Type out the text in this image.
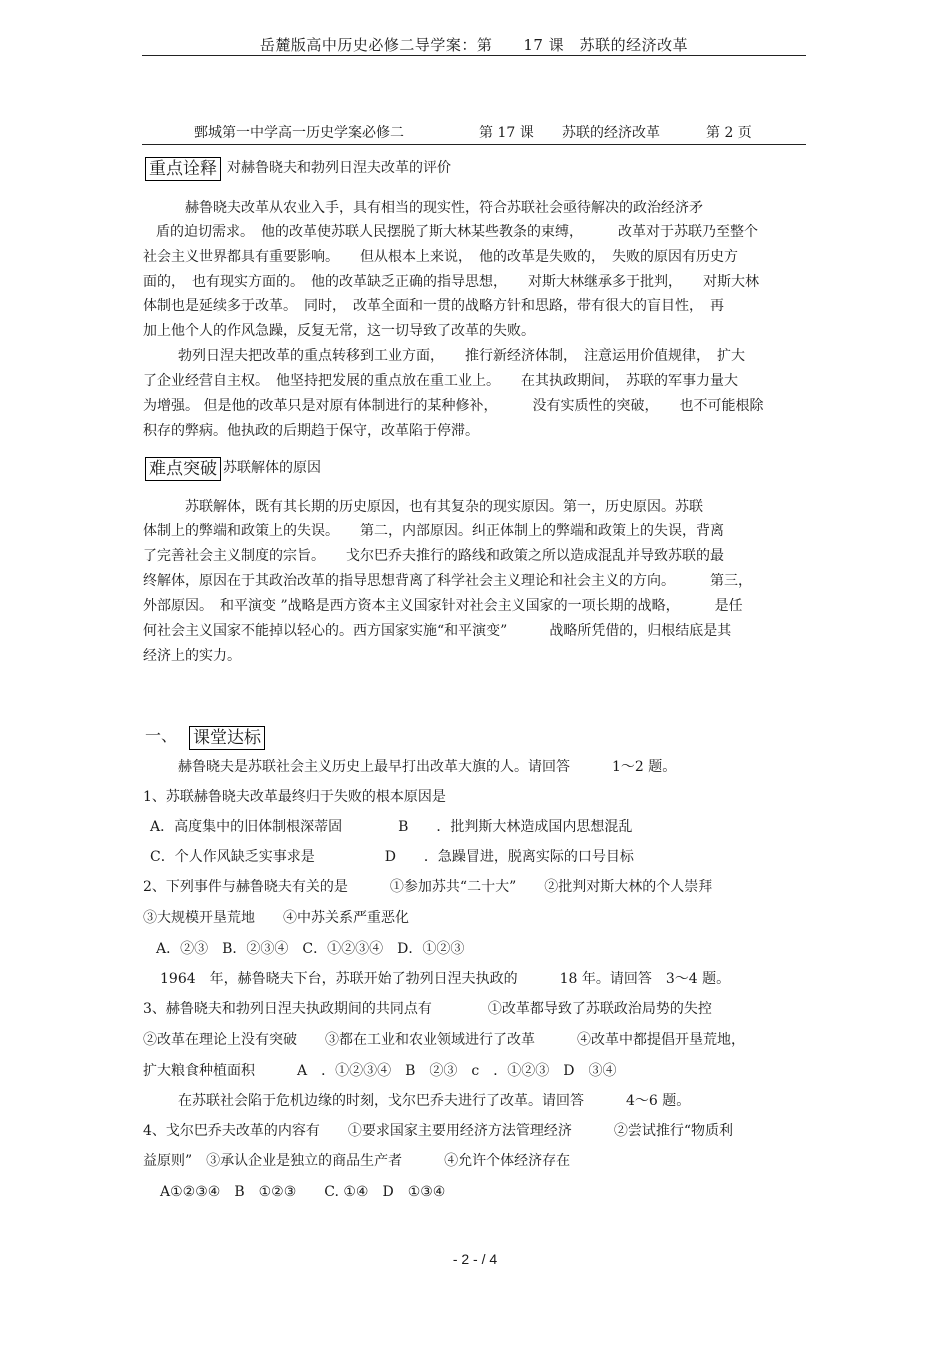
岳麓版高中历史必修二导学案：第　　17 课　苏联的经济改革
鄄城第一中学高一历史学案必修二	第 17 课 苏联的经济改革	第 2 页
重点诠释 对赫鲁晓夫和勃列日涅夫改革的评价
赫鲁晓夫改革从农业入手，具有相当的现实性，符合苏联社会亟待解决的政治经济矛
盾的迫切需求。　他的改革使苏联人民摆脱了斯大林某些教条的束缚，　　　改革对于苏联乃至整个
社会主义世界都具有重要影响。　　但从根本上来说，　他的改革是失败的，　失败的原因有历史方
面的，　也有现实方面的。　他的改革缺乏正确的指导思想，　　对斯大林继承多于批判，　　对斯大林
体制也是延续多于改革。　同时，　改革全面和一贯的战略方针和思路，带有很大的盲目性，　再
加上他个人的作风急躁，反复无常，这一切导致了改革的失败。
勃列日涅夫把改革的重点转移到工业方面，　　推行新经济体制，　注意运用价值规律，　扩大
了企业经营自主权。　他坚持把发展的重点放在重工业上。　　在其执政期间，　苏联的军事力量大
为增强。 但是他的改革只是对原有体制进行的某种修补，　　　没有实质性的突破，　　也不可能根除
积存的弊病。他执政的后期趋于保守，改革陷于停滞。
难点突破 苏联解体的原因
苏联解体，既有其长期的历史原因，也有其复杂的现实原因。第一，历史原因。苏联
体制上的弊端和政策上的失误。　　第二，内部原因。纠正体制上的弊端和政策上的失误，背离
了完善社会主义制度的宗旨。　　戈尔巴乔夫推行的路线和政策之所以造成混乱并导致苏联的最
终解体，原因在于其政治改革的指导思想背离了科学社会主义理论和社会主义的方向。　　　第三，
外部原因。　和平演变 ”战略是西方资本主义国家针对社会主义国家的一项长期的战略，　　　是任
何社会主义国家不能掉以轻心的。西方国家实施“和平演变”　　　战略所凭借的，归根结底是其
经济上的实力。
一、 课堂达标
赫鲁晓夫是苏联社会主义历史上最早打出改革大旗的人。请回答　　　1～2 题。
1、苏联赫鲁晓夫改革最终归于失败的根本原因是
A．高度集中的旧体制根深蒂固　　　　B　　．批判斯大林造成国内思想混乱
C．个人作风缺乏实事求是　　　　　D　　．急躁冒进，脱离实际的口号目标
2、下列事件与赫鲁晓夫有关的是　　　①参加苏共“二十大”　　②批判对斯大林的个人崇拜
③大规模开垦荒地　　④中苏关系严重恶化
A．②③　B．②③④　C．①②③④　D．①②③
1964　年，赫鲁晓夫下台，苏联开始了勃列日涅夫执政的　　　18 年。请回答　3～4 题。
3、赫鲁晓夫和勃列日涅夫执政期间的共同点有　　　　①改革都导致了苏联政治局势的失控
②改革在理论上没有突破　　③都在工业和农业领域进行了改革　　　④改革中都提倡开垦荒地，
扩大粮食种植面积　　　A　．①②③④　B　②③　c　．①②③　D　③④
在苏联社会陷于危机边缘的时刻，戈尔巴乔夫进行了改革。请回答　　　4～6 题。
4、戈尔巴乔夫改革的内容有　　①要求国家主要用经济方法管理经济　　　②尝试推行“物质利
益原则”　③承认企业是独立的商品生产者　　　④允许个体经济存在
A①②③④　B　①②③　　C. ①④　D　①③④
- 2 - / 4
